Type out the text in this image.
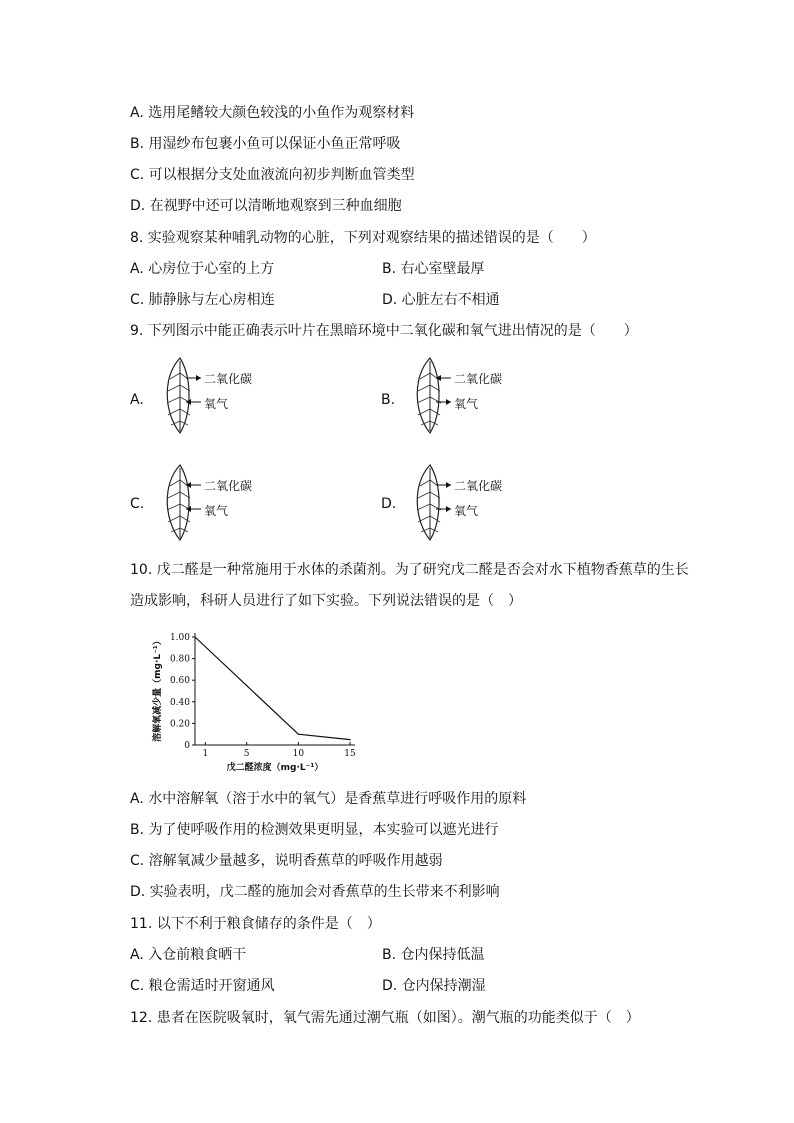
A. 选用尾鳍较大颜色较浅的小鱼作为观察材料
B. 用湿纱布包裹小鱼可以保证小鱼正常呼吸
C. 可以根据分支处血液流向初步判断血管类型
D. 在视野中还可以清晰地观察到三种血细胞
8. 实验观察某种哺乳动物的心脏，下列对观察结果的描述错误的是（　　）
A. 心房位于心室的上方	B. 右心室壁最厚
C. 肺静脉与左心房相连	D. 心脏左右不相通
9. 下列图示中能正确表示叶片在黑暗环境中二氧化碳和氧气进出情况的是（　　）
A.
二氧化碳
氧气	B.
二氧化碳
氧气
C.
二氧化碳
氧气	D.
二氧化碳
氧气
10. 戊二醛是一种常施用于水体的杀菌剂。为了研究戊二醛是否会对水下植物香蕉草的生长
造成影响，科研人员进行了如下实验。下列说法错误的是（　）
0
0.20
0.40
0.60
0.80
1.00
1	5	10	15
溶解氧减少量（mg·L⁻¹）
戊二醛浓度（mg·L⁻¹）
A. 水中溶解氧（溶于水中的氧气）是香蕉草进行呼吸作用的原料
B. 为了使呼吸作用的检测效果更明显，本实验可以遮光进行
C. 溶解氧减少量越多，说明香蕉草的呼吸作用越弱
D. 实验表明，戊二醛的施加会对香蕉草的生长带来不利影响
11. 以下不利于粮食储存的条件是（　）
A. 入仓前粮食晒干	B. 仓内保持低温
C. 粮仓需适时开窗通风	D. 仓内保持潮湿
12. 患者在医院吸氧时，氧气需先通过潮气瓶（如图）。潮气瓶的功能类似于（　）
